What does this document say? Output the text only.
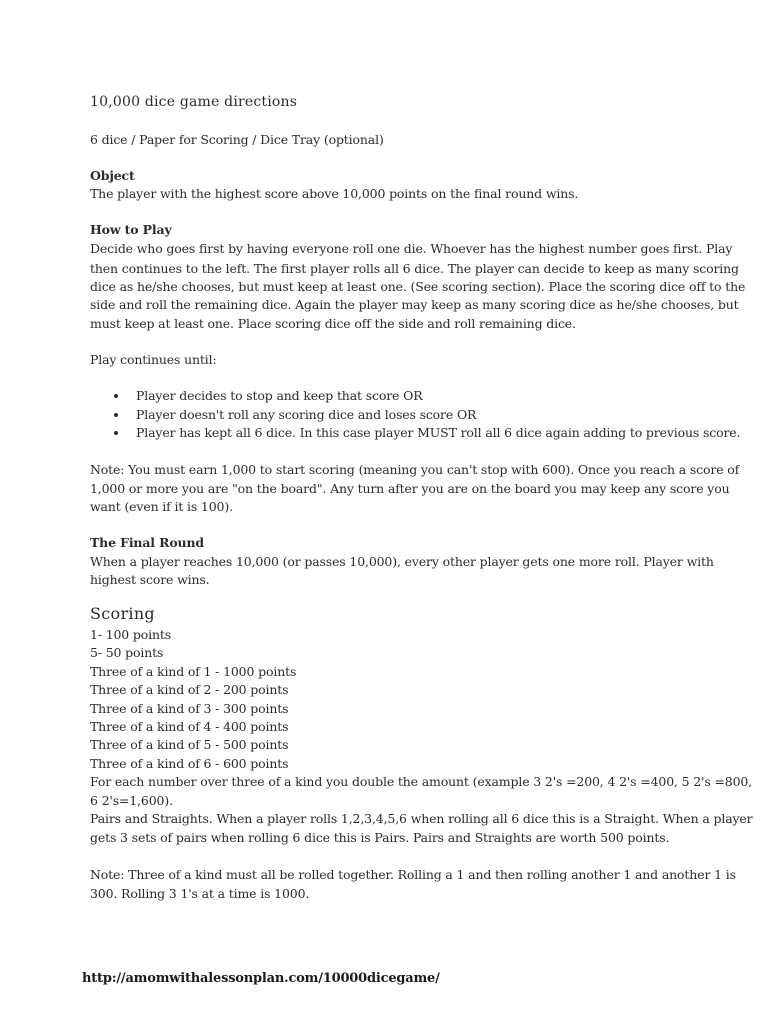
10,000 dice game directions
6 dice / Paper for Scoring / Dice Tray (optional)
Object
The player with the highest score above 10,000 points on the final round wins.
How to Play
Decide who goes first by having everyone roll one die. Whoever has the highest number goes first. Play
then continues to the left. The first player rolls all 6 dice. The player can decide to keep as many scoring
dice as he/she chooses, but must keep at least one. (See scoring section). Place the scoring dice off to the
side and roll the remaining dice. Again the player may keep as many scoring dice as he/she chooses, but
must keep at least one. Place scoring dice off the side and roll remaining dice.
Play continues until:
Player decides to stop and keep that score OR
Player doesn't roll any scoring dice and loses score OR
Player has kept all 6 dice. In this case player MUST roll all 6 dice again adding to previous score.
Note: You must earn 1,000 to start scoring (meaning you can't stop with 600). Once you reach a score of
1,000 or more you are "on the board". Any turn after you are on the board you may keep any score you
want (even if it is 100).
The Final Round
When a player reaches 10,000 (or passes 10,000), every other player gets one more roll. Player with
highest score wins.
Scoring
1- 100 points
5- 50 points
Three of a kind of 1 - 1000 points
Three of a kind of 2 - 200 points
Three of a kind of 3 - 300 points
Three of a kind of 4 - 400 points
Three of a kind of 5 - 500 points
Three of a kind of 6 - 600 points
For each number over three of a kind you double the amount (example 3 2's =200, 4 2's =400, 5 2's =800,
6 2's=1,600).
Pairs and Straights. When a player rolls 1,2,3,4,5,6 when rolling all 6 dice this is a Straight. When a player
gets 3 sets of pairs when rolling 6 dice this is Pairs. Pairs and Straights are worth 500 points.
Note: Three of a kind must all be rolled together. Rolling a 1 and then rolling another 1 and another 1 is
300. Rolling 3 1's at a time is 1000.
http://amomwithalessonplan.com/10000dicegame/
